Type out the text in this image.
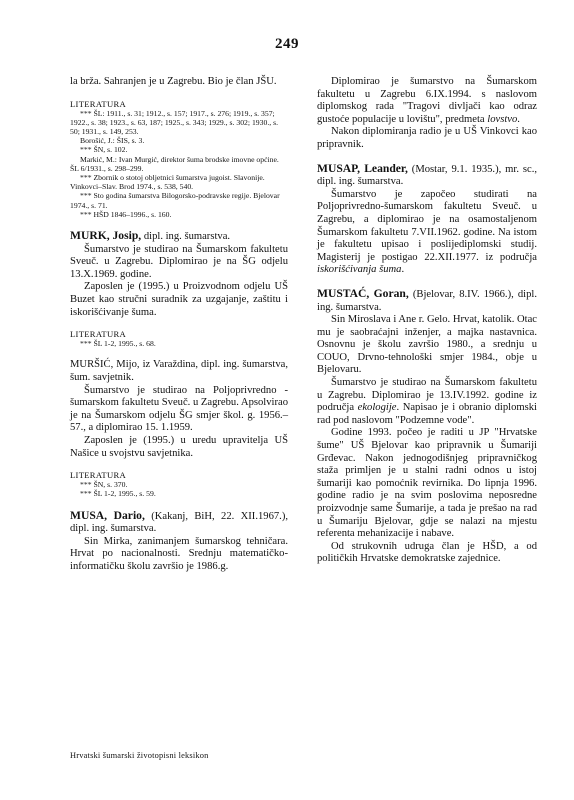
249

la brža. Sahranjen je u Zagrebu. Bio je član JŠU.

LITERATURA

*** ŠL: 1911., s. 31; 1912., s. 157; 1917., s. 276; 1919., s. 357; 1922., s. 38; 1923., s. 63, 187; 1925., s. 343; 1929., s. 302; 1930., s. 50; 1931., s. 149, 253.

Borošić, J.: ŠIS, s. 3.

*** ŠN, s. 102.

Markić, M.: Ivan Murgić, direktor šuma brodske imovne općine. ŠL 6/1931., s. 298–299.

*** Zbornik o stotoj obljetnici šumarstva jugoist. Slavonije. Vinkovci–Slav. Brod 1974., s. 538, 540.

*** Sto godina šumarstva Bilogorsko-podravske regije. Bjelovar 1974., s. 71.

*** HŠD 1846–1996., s. 160.

MURK, Josip, dipl. ing. šumarstva.

Šumarstvo je studirao na Šumarskom fakultetu Sveuč. u Zagrebu. Diplomirao je na ŠG odjelu 13.X.1969. godine.

Zaposlen je (1995.) u Proizvodnom odjelu UŠ Buzet kao stručni suradnik za uzgajanje, zaštitu i iskorišćivanje šuma.

LITERATURA

*** ŠL 1-2, 1995., s. 68.

MURŠIĆ, Mijo, iz Varaždina, dipl. ing. šumarstva, šum. savjetnik.

Šumarstvo je studirao na Poljoprivredno - šumarskom fakultetu Sveuč. u Zagrebu. Apsolvirao je na Šumarskom odjelu ŠG smjer škol. g. 1956.–57., a diplomirao 15. 1.1959.

Zaposlen je (1995.) u uredu upravitelja UŠ Našice u svojstvu savjetnika.

LITERATURA

*** ŠN, s. 370.

*** ŠL 1-2, 1995., s. 59.

MUSA, Dario, (Kakanj, BiH, 22. XII.1967.), dipl. ing. šumarstva.

Sin Mirka, zanimanjem šumarskog tehničara. Hrvat po nacionalnosti. Srednju matematičko-informatičku školu završio je 1986.g.

Diplomirao je šumarstvo na Šumarskom fakultetu u Zagrebu 6.IX.1994. s naslovom diplomskog rada "Tragovi divljači kao odraz gustoće populacije u lovištu", predmeta lovstvo.

Nakon diplomiranja radio je u UŠ Vinkovci kao pripravnik.

MUSAP, Leander, (Mostar, 9.1. 1935.), mr. sc., dipl. ing. šumarstva.

Šumarstvo je započeo studirati na Poljoprivredno-šumarskom fakultetu Sveuč. u Zagrebu, a diplomirao je na osamostaljenom Šumarskom fakultetu 7.VII.1962. godine. Na istom je fakultetu upisao i poslijediplomski studij. Magisterij je postigao 22.XII.1977. iz područja iskorišćivanja šuma.

MUSTAĆ, Goran, (Bjelovar, 8.IV. 1966.), dipl. ing. šumarstva.

Sin Miroslava i Ane r. Gelo. Hrvat, katolik. Otac mu je saobraćajni inženjer, a majka nastavnica. Osnovnu je školu završio 1980., a srednju u COUO, Drvno-tehnološki smjer 1984., obje u Bjelovaru.

Šumarstvo je studirao na Šumarskom fakultetu u Zagrebu. Diplomirao je 13.IV.1992. godine iz područja ekologije. Napisao je i obranio diplomski rad pod naslovom "Podzemne vode".

Godine 1993. počeo je raditi u JP "Hrvatske šume" UŠ Bjelovar kao pripravnik u Šumariji Grđevac. Nakon jednogodišnjeg pripravničkog staža primljen je u stalni radni odnos u istoj šumariji kao pomoćnik revirnika. Do lipnja 1996. godine radio je na svim poslovima neposredne proizvodnje same Šumarije, a tada je prešao na rad u Šumariju Bjelovar, gdje se nalazi na mjestu referenta mehanizacije i nabave.

Od strukovnih udruga član je HŠD, a od političkih Hrvatske demokratske zajednice.

Hrvatski šumarski životopisni leksikon
